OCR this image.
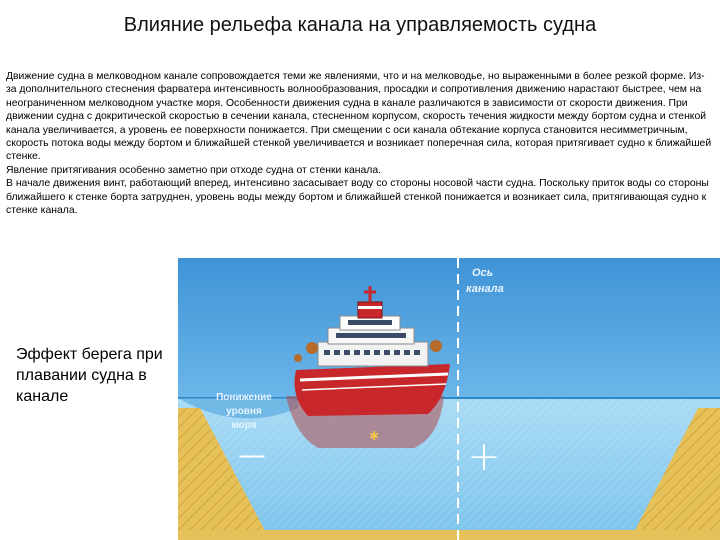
Влияние рельефа канала на управляемость судна

Движение судна в мелководном канале сопровождается теми же явлениями, что и на мелководье, но выраженными в более резкой форме. Из-за дополнительного стеснения фарватера интенсивность волнообразования, просадки и сопротивления движению нарастают быстрее, чем на неограниченном мелководном участке моря. Особенности движения судна в канале различаются в зависимости от скорости движения. При движении судна с докритической скоростью в сечении канала, стесненном корпусом, скорость течения жидкости между бортом судна и стенкой канала увеличивается, а уровень ее поверхности понижается. При смещении с оси канала обтекание корпуса становится несимметричным, скорость потока воды между бортом и ближайшей стенкой увеличивается и возникает поперечная сила, которая притягивает судно к ближайшей стенке.

Явление притягивания особенно заметно при отходе судна от стенки канала.

В начале движения винт, работающий вперед, интенсивно засасывает воду со стороны носовой части судна. Поскольку приток воды со стороны ближайшего к стенке борта затруднен, уровень воды между бортом и ближайшей стенкой понижается и возникает сила, притягивающая судно к стенке канала.

Эффект берега при плавании судна в канале
Ось
канала
✱
Понижение
уровня
моря
—	+
